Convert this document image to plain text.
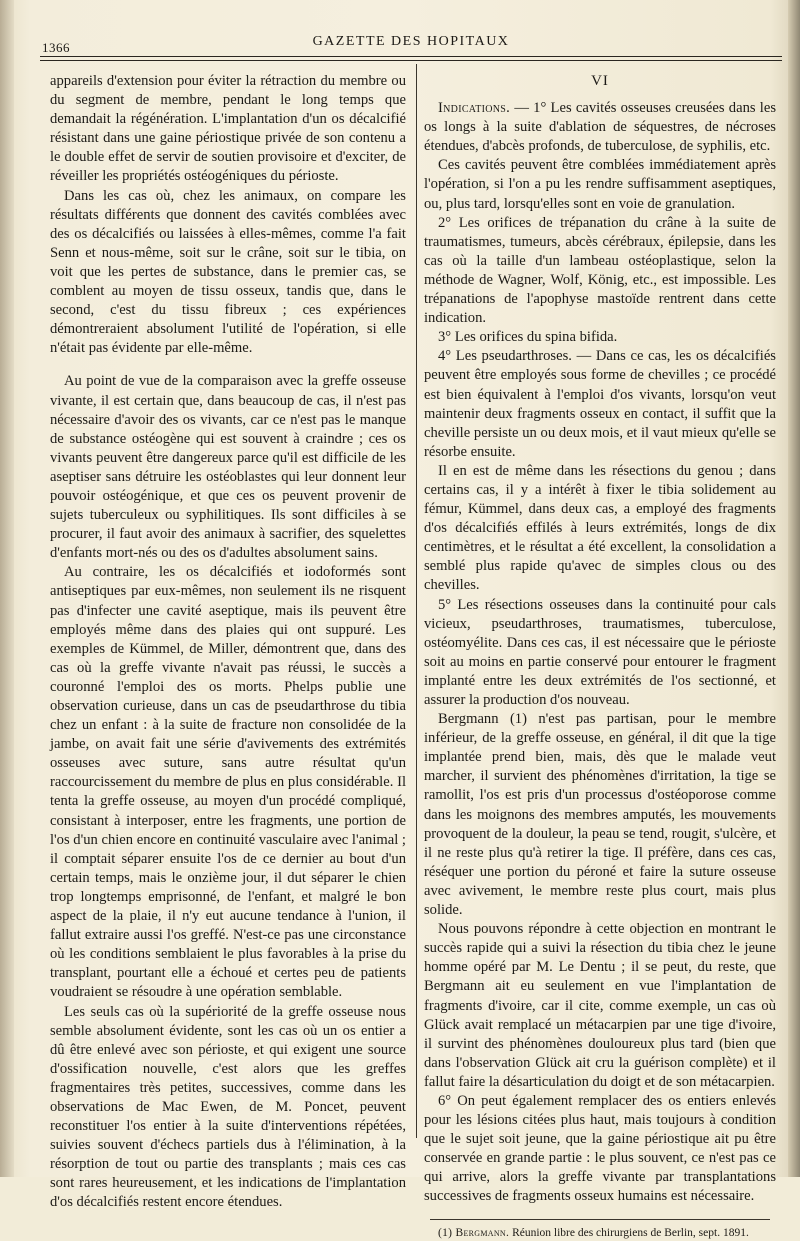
1366	GAZETTE DES HOPITAUX

appareils d'extension pour éviter la rétraction du membre ou du segment de membre, pendant le long temps que demandait la régénération. L'implantation d'un os décalcifié résistant dans une gaine périostique privée de son contenu a le double effet de servir de soutien provisoire et d'exciter, de réveiller les propriétés ostéogéniques du périoste.

Dans les cas où, chez les animaux, on compare les résultats différents que donnent des cavités comblées avec des os décalcifiés ou laissées à elles-mêmes, comme l'a fait Senn et nous-même, soit sur le crâne, soit sur le tibia, on voit que les pertes de substance, dans le premier cas, se comblent au moyen de tissu osseux, tandis que, dans le second, c'est du tissu fibreux ; ces expériences démontreraient absolument l'utilité de l'opération, si elle n'était pas évidente par elle-même.

Au point de vue de la comparaison avec la greffe osseuse vivante, il est certain que, dans beaucoup de cas, il n'est pas nécessaire d'avoir des os vivants, car ce n'est pas le manque de substance ostéogène qui est souvent à craindre ; ces os vivants peuvent être dangereux parce qu'il est difficile de les aseptiser sans détruire les ostéoblastes qui leur donnent leur pouvoir ostéogénique, et que ces os peuvent provenir de sujets tuberculeux ou syphilitiques. Ils sont difficiles à se procurer, il faut avoir des animaux à sacrifier, des squelettes d'enfants mort-nés ou des os d'adultes absolument sains.

Au contraire, les os décalcifiés et iodoformés sont antiseptiques par eux-mêmes, non seulement ils ne risquent pas d'infecter une cavité aseptique, mais ils peuvent être employés même dans des plaies qui ont suppuré. Les exemples de Kümmel, de Miller, démontrent que, dans des cas où la greffe vivante n'avait pas réussi, le succès a couronné l'emploi des os morts. Phelps publie une observation curieuse, dans un cas de pseudarthrose du tibia chez un enfant : à la suite de fracture non consolidée de la jambe, on avait fait une série d'avivements des extrémités osseuses avec suture, sans autre résultat qu'un raccourcissement du membre de plus en plus considérable. Il tenta la greffe osseuse, au moyen d'un procédé compliqué, consistant à interposer, entre les fragments, une portion de l'os d'un chien encore en continuité vasculaire avec l'animal ; il comptait séparer ensuite l'os de ce dernier au bout d'un certain temps, mais le onzième jour, il dut séparer le chien trop longtemps emprisonné, de l'enfant, et malgré le bon aspect de la plaie, il n'y eut aucune tendance à l'union, il fallut extraire aussi l'os greffé. N'est-ce pas une circonstance où les conditions semblaient le plus favorables à la prise du transplant, pourtant elle a échoué et certes peu de patients voudraient se résoudre à une opération semblable.

Les seuls cas où la supériorité de la greffe osseuse nous semble absolument évidente, sont les cas où un os entier a dû être enlevé avec son périoste, et qui exigent une source d'ossification nouvelle, c'est alors que les greffes fragmentaires très petites, successives, comme dans les observations de Mac Ewen, de M. Poncet, peuvent reconstituer l'os entier à la suite d'interventions répétées, suivies souvent d'échecs partiels dus à l'élimination, à la résorption de tout ou partie des transplants ; mais ces cas sont rares heureusement, et les indications de l'implantation d'os décalcifiés restent encore étendues.

VI

Indications. — 1° Les cavités osseuses creusées dans les os longs à la suite d'ablation de séquestres, de nécroses étendues, d'abcès profonds, de tuberculose, de syphilis, etc.

Ces cavités peuvent être comblées immédiatement après l'opération, si l'on a pu les rendre suffisamment aseptiques, ou, plus tard, lorsqu'elles sont en voie de granulation.

2° Les orifices de trépanation du crâne à la suite de traumatismes, tumeurs, abcès cérébraux, épilepsie, dans les cas où la taille d'un lambeau ostéoplastique, selon la méthode de Wagner, Wolf, König, etc., est impossible. Les trépanations de l'apophyse mastoïde rentrent dans cette indication.

3° Les orifices du spina bifida.

4° Les pseudarthroses. — Dans ce cas, les os décalcifiés peuvent être employés sous forme de chevilles ; ce procédé est bien équivalent à l'emploi d'os vivants, lorsqu'on veut maintenir deux fragments osseux en contact, il suffit que la cheville persiste un ou deux mois, et il vaut mieux qu'elle se résorbe ensuite.

Il en est de même dans les résections du genou ; dans certains cas, il y a intérêt à fixer le tibia solidement au fémur, Kümmel, dans deux cas, a employé des fragments d'os décalcifiés effilés à leurs extrémités, longs de dix centimètres, et le résultat a été excellent, la consolidation a semblé plus rapide qu'avec de simples clous ou des chevilles.

5° Les résections osseuses dans la continuité pour cals vicieux, pseudarthroses, traumatismes, tuberculose, ostéomyélite. Dans ces cas, il est nécessaire que le périoste soit au moins en partie conservé pour entourer le fragment implanté entre les deux extrémités de l'os sectionné, et assurer la production d'os nouveau.

Bergmann (1) n'est pas partisan, pour le membre inférieur, de la greffe osseuse, en général, il dit que la tige implantée prend bien, mais, dès que le malade veut marcher, il survient des phénomènes d'irritation, la tige se ramollit, l'os est pris d'un processus d'ostéoporose comme dans les moignons des membres amputés, les mouvements provoquent de la douleur, la peau se tend, rougit, s'ulcère, et il ne reste plus qu'à retirer la tige. Il préfère, dans ces cas, réséquer une portion du péroné et faire la suture osseuse avec avivement, le membre reste plus court, mais plus solide.

Nous pouvons répondre à cette objection en montrant le succès rapide qui a suivi la résection du tibia chez le jeune homme opéré par M. Le Dentu ; il se peut, du reste, que Bergmann ait eu seulement en vue l'implantation de fragments d'ivoire, car il cite, comme exemple, un cas où Glück avait remplacé un métacarpien par une tige d'ivoire, il survint des phénomènes douloureux plus tard (bien que dans l'observation Glück ait cru la guérison complète) et il fallut faire la désarticulation du doigt et de son métacarpien.

6° On peut également remplacer des os entiers enlevés pour les lésions citées plus haut, mais toujours à condition que le sujet soit jeune, que la gaine périostique ait pu être conservée en grande partie : le plus souvent, ce n'est pas ce qui arrive, alors la greffe vivante par transplantations successives de fragments osseux humains est nécessaire.

(1) Bergmann. Réunion libre des chirurgiens de Berlin, sept. 1891.
